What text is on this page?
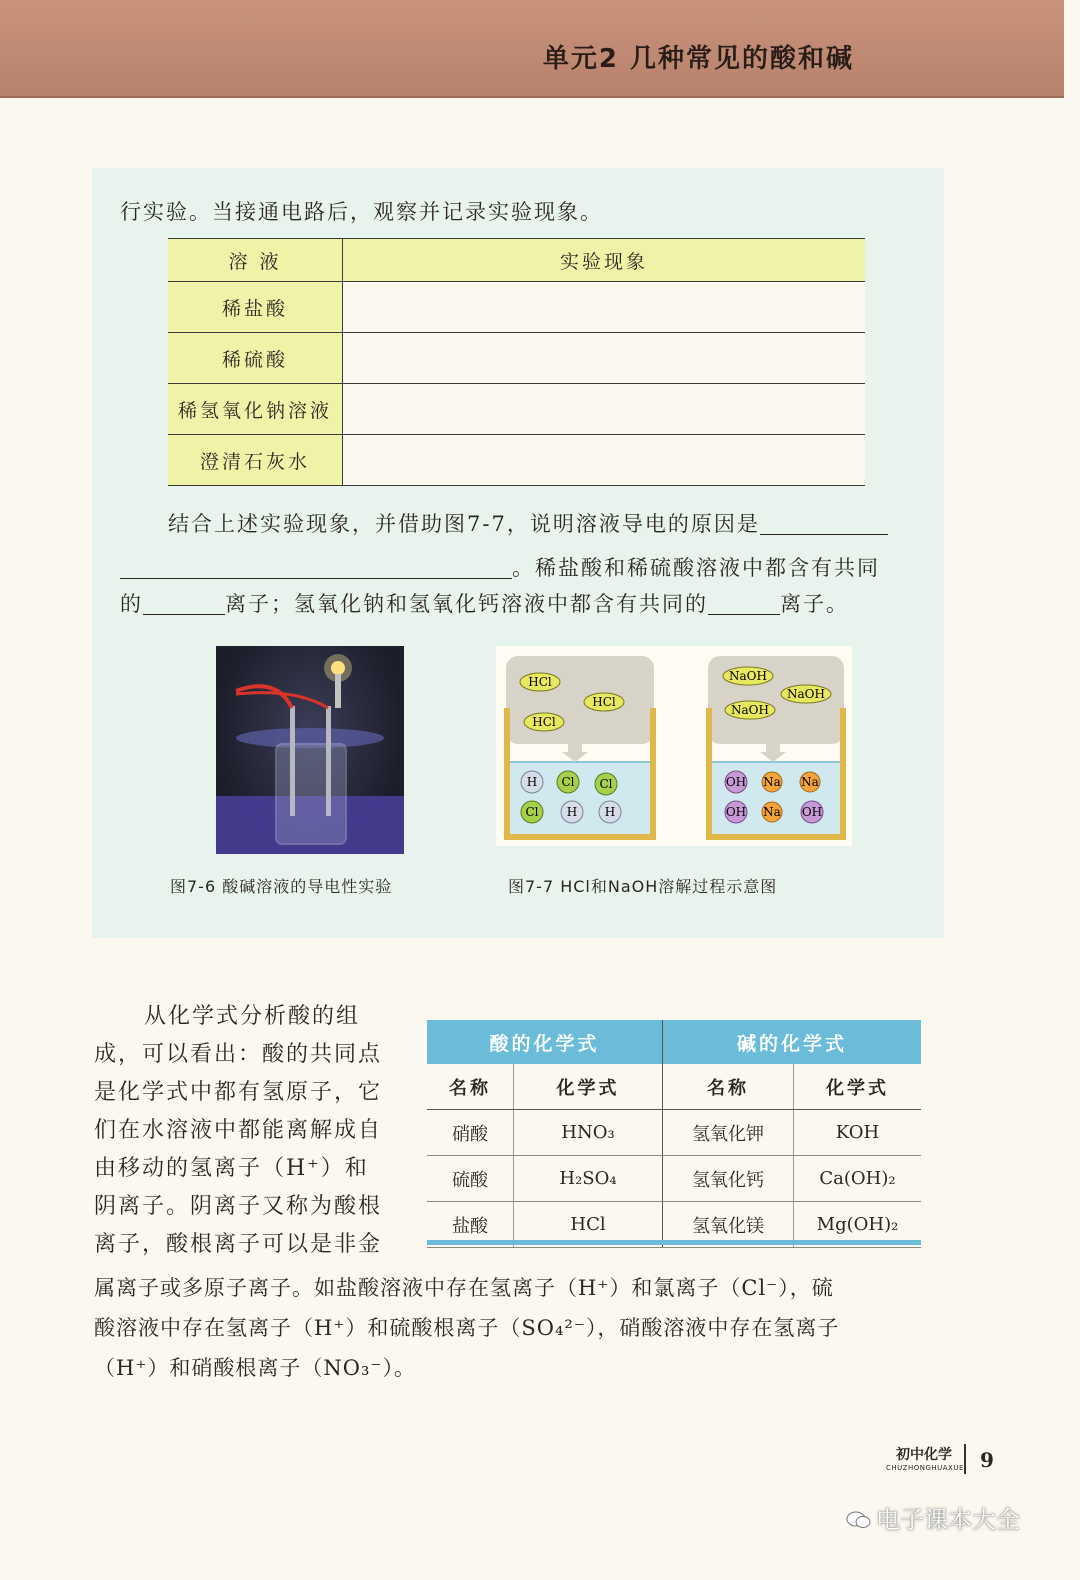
单元2 几种常见的酸和碱
行实验。当接通电路后，观察并记录实验现象。
溶 液	实验现象
稀盐酸	
稀硫酸	
稀氢氧化钠溶液	
澄清石灰水	
结合上述实验现象，并借助图7-7，说明溶液导电的原因是
。稀盐酸和稀硫酸溶液中都含有共同
的	离子；氢氧化钠和氢氧化钙溶液中都含有共同的	离子。
HCl
HCl
HCl
H Cl Cl
Cl H H
NaOH
NaOH
NaOH
OH Na Na
OH Na OH
图7-6 酸碱溶液的导电性实验	图7-7 HCl和NaOH溶解过程示意图
从化学式分析酸的组
成，可以看出：酸的共同点
是化学式中都有氢原子，它
们在水溶液中都能离解成自
由移动的氢离子（H⁺）和
阴离子。阴离子又称为酸根
离子，酸根离子可以是非金
酸的化学式		碱的化学式	
名称	化学式	名称	化学式
硝酸	HNO₃	氢氧化钾	KOH
硫酸	H₂SO₄	氢氧化钙	Ca(OH)₂
盐酸	HCl	氢氧化镁	Mg(OH)₂
属离子或多原子离子。如盐酸溶液中存在氢离子（H⁺）和氯离子（Cl⁻），硫
酸溶液中存在氢离子（H⁺）和硫酸根离子（SO₄²⁻），硝酸溶液中存在氢离子
（H⁺）和硝酸根离子（NO₃⁻）。
初中化学
CHUZHONGHUAXUE 9
电子课本大全
